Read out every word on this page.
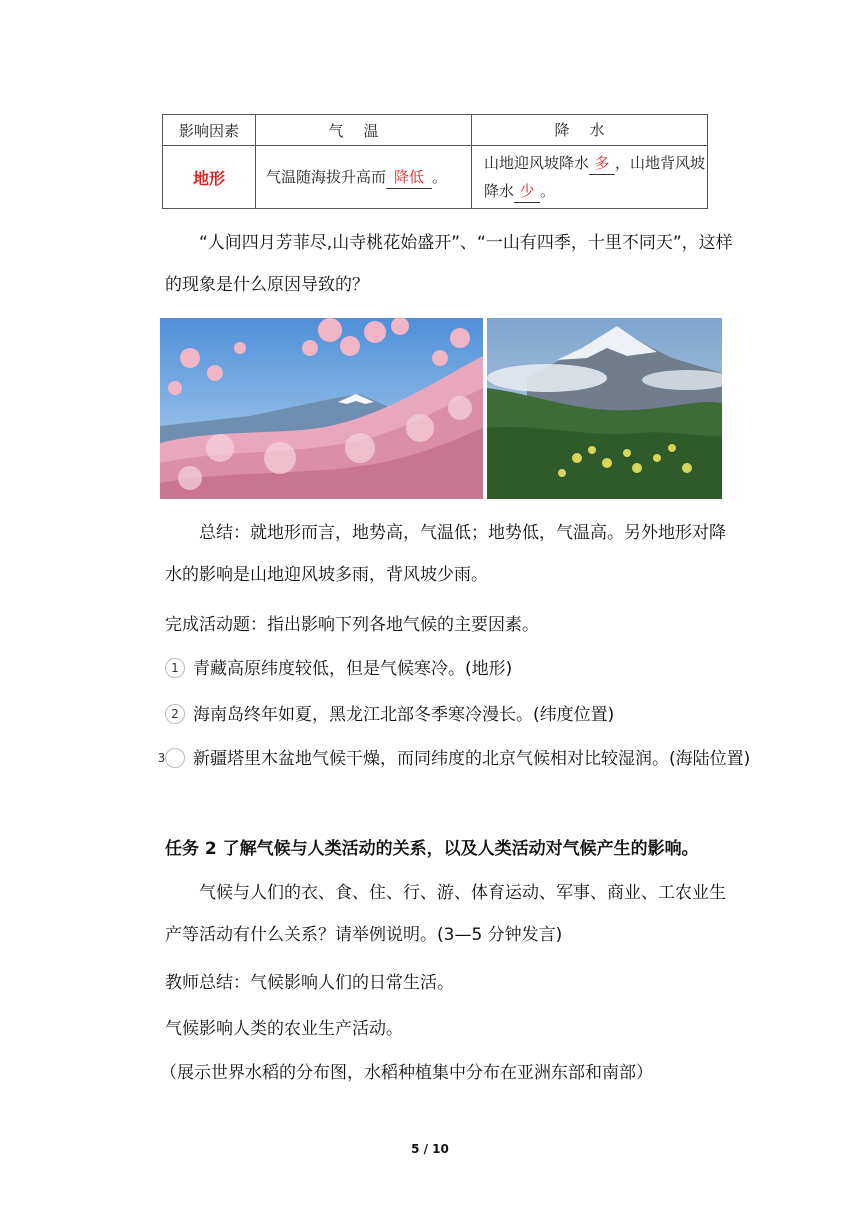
影响因素	气温	降水
地形	气温随海拔升高而 降低 。	山地迎风坡降水 多 ，山地背风坡降水 少 。

“人间四月芳菲尽,山寺桃花始盛开”、“一山有四季，十里不同天”，这样的现象是什么原因导致的？

总结：就地形而言，地势高，气温低；地势低，气温高。另外地形对降水的影响是山地迎风坡多雨，背风坡少雨。

完成活动题：指出影响下列各地气候的主要因素。

1 青藏高原纬度较低，但是气候寒冷。(地形)

2 海南岛终年如夏，黑龙江北部冬季寒冷漫长。(纬度位置)

3 新疆塔里木盆地气候干燥，而同纬度的北京气候相对比较湿润。(海陆位置)

任务 2 了解气候与人类活动的关系，以及人类活动对气候产生的影响。

气候与人们的衣、食、住、行、游、体育运动、军事、商业、工农业生产等活动有什么关系？请举例说明。(3—5 分钟发言)

教师总结：气候影响人们的日常生活。

气候影响人类的农业生产活动。

（展示世界水稻的分布图，水稻种植集中分布在亚洲东部和南部）

5 / 10
